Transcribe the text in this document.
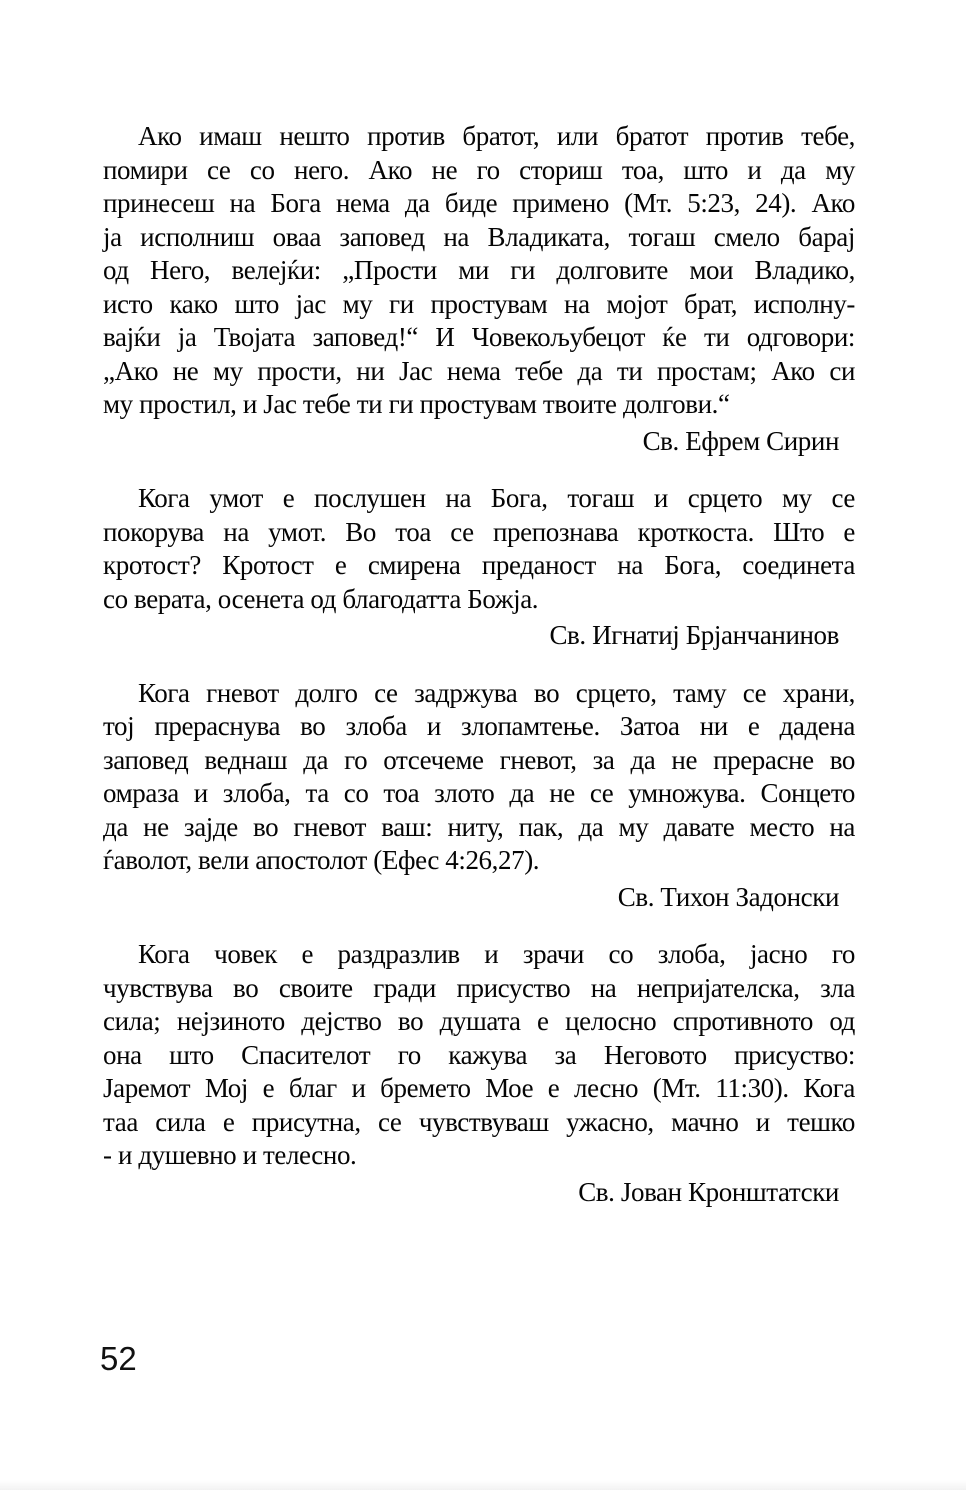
Ако имаш нешто против братот, или братот против тебе,
помири се со него. Ако не го сториш тоа, што и да му
принесеш на Бога нема да биде примено (Мт. 5:23, 24). Ако
ја исполниш оваа заповед на Владиката, тогаш смело барај
од Него, велејќи: „Прости ми ги долговите мои Владико,
исто како што јас му ги простувам на мојот брат, исполну-
вајќи ја Твојата заповед!“ И Човекољубецот ќе ти одговори:
„Ако не му прости, ни Јас нема тебе да ти простам; Ако си
му простил, и Јас тебе ти ги простувам твоите долгови.“
Св. Ефрем Сирин
Кога умот е послушен на Бога, тогаш и срцето му се
покорува на умот. Во тоа се препознава кроткоста. Што е
кротост? Кротост е смирена преданост на Бога, соединета
со верата, осенета од благодатта Божја.
Св. Игнатиј Брјанчанинов
Кога гневот долго се задржува во срцето, таму се храни,
тој прераснува во злоба и злопамтење. Затоа ни е дадена
заповед веднаш да го отсечеме гневот, за да не прерасне во
омраза и злоба, та со тоа злото да не се умножува. Сонцето
да не зајде во гневот ваш: ниту, пак, да му давате место на
ѓаволот, вели апостолот (Ефес 4:26,27).
Св. Тихон Задонски
Кога човек е раздразлив и зрачи со злоба, јасно го
чувствува во своите гради присуство на непријателска, зла
сила; нејзиното дејство во душата е целосно спротивното од
она што Спасителот го кажува за Неговото присуство:
Јаремот Мој е благ и бремето Мое е лесно (Мт. 11:30). Кога
таа сила е присутна, се чувствуваш ужасно, мачно и тешко
- и душевно и телесно.
Св. Јован Кронштатски
52
